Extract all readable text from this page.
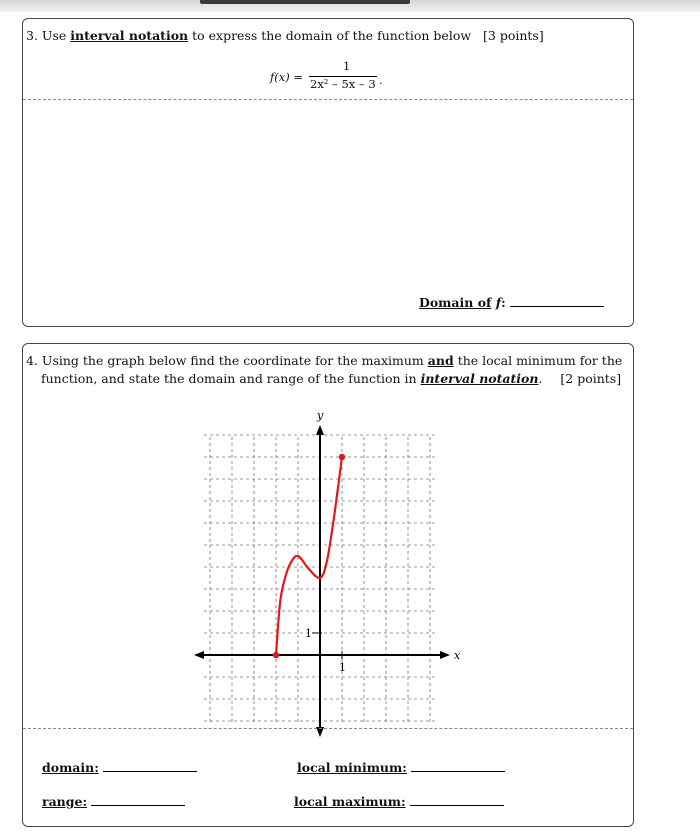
3. Use interval notation to express the domain of the function below [3 points]
f(x) =
1
2x² – 5x – 3 .
Domain of f:
4. Using the graph below find the coordinate for the maximum and the local minimum for the
function, and state the domain and range of the function in interval notation. [2 points]
x
y
1
1
domain:	local minimum:
range:	local maximum:
